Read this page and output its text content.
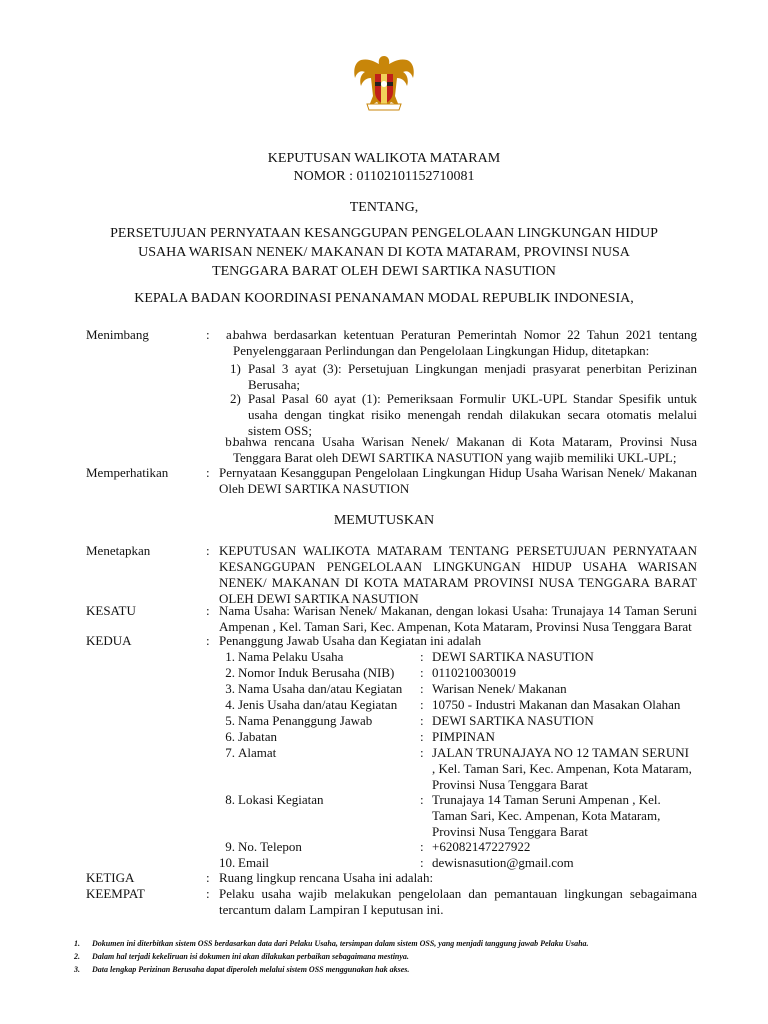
KEPUTUSAN WALIKOTA MATARAM
NOMOR : 01102101152710081
TENTANG,
PERSETUJUAN PERNYATAAN KESANGGUPAN PENGELOLAAN LINGKUNGAN HIDUP
USAHA WARISAN NENEK/ MAKANAN DI KOTA MATARAM, PROVINSI NUSA
TENGGARA BARAT OLEH DEWI SARTIKA NASUTION
KEPALA BADAN KOORDINASI PENANAMAN MODAL REPUBLIK INDONESIA,
Menimbang	:	a.
bahwa berdasarkan ketentuan Peraturan Pemerintah Nomor 22 Tahun 2021 tentang Penyelenggaraan Perlindungan dan Pengelolaan Lingkungan Hidup, ditetapkan:
1) Pasal 3 ayat (3): Persetujuan Lingkungan menjadi prasyarat penerbitan Perizinan Berusaha;
2) Pasal Pasal 60 ayat (1): Pemeriksaan Formulir UKL-UPL Standar Spesifik untuk usaha dengan tingkat risiko menengah rendah dilakukan secara otomatis melalui sistem OSS;
b.
bahwa rencana Usaha Warisan Nenek/ Makanan di Kota Mataram, Provinsi Nusa Tenggara Barat oleh DEWI SARTIKA NASUTION yang wajib memiliki UKL-UPL;
Memperhatikan	: Pernyataan Kesanggupan Pengelolaan Lingkungan Hidup Usaha Warisan Nenek/ Makanan Oleh DEWI SARTIKA NASUTION
MEMUTUSKAN
Menetapkan	: KEPUTUSAN WALIKOTA MATARAM TENTANG PERSETUJUAN PERNYATAAN KESANGGUPAN PENGELOLAAN LINGKUNGAN HIDUP USAHA WARISAN NENEK/ MAKANAN DI KOTA MATARAM PROVINSI NUSA TENGGARA BARAT OLEH DEWI SARTIKA NASUTION
KESATU	: Nama Usaha: Warisan Nenek/ Makanan, dengan lokasi Usaha: Trunajaya 14 Taman Seruni Ampenan , Kel. Taman Sari, Kec. Ampenan, Kota Mataram, Provinsi Nusa Tenggara Barat
KEDUA	: Penanggung Jawab Usaha dan Kegiatan ini adalah
1. Nama Pelaku Usaha	: DEWI SARTIKA NASUTION
2. Nomor Induk Berusaha (NIB) : 0110210030019
3. Nama Usaha dan/atau Kegiatan : Warisan Nenek/ Makanan
4. Jenis Usaha dan/atau Kegiatan : 10750 - Industri Makanan dan Masakan Olahan
5. Nama Penanggung Jawab	: DEWI SARTIKA NASUTION
6. Jabatan	: PIMPINAN
7. Alamat	: JALAN TRUNAJAYA NO 12 TAMAN SERUNI
, Kel. Taman Sari, Kec. Ampenan, Kota Mataram,
Provinsi Nusa Tenggara Barat
8. Lokasi Kegiatan	: Trunajaya 14 Taman Seruni Ampenan , Kel.
Taman Sari, Kec. Ampenan, Kota Mataram,
Provinsi Nusa Tenggara Barat
9. No. Telepon	: +62082147227922
10. Email	: dewisnasution@gmail.com
KETIGA	: Ruang lingkup rencana Usaha ini adalah:
KEEMPAT	: Pelaku usaha wajib melakukan pengelolaan dan pemantauan lingkungan sebagaimana tercantum dalam Lampiran I keputusan ini.
1. Dokumen ini diterbitkan sistem OSS berdasarkan data dari Pelaku Usaha, tersimpan dalam sistem OSS, yang menjadi tanggung jawab Pelaku Usaha.
2. Dalam hal terjadi kekeliruan isi dokumen ini akan dilakukan perbaikan sebagaimana mestinya.
3. Data lengkap Perizinan Berusaha dapat diperoleh melalui sistem OSS menggunakan hak akses.
